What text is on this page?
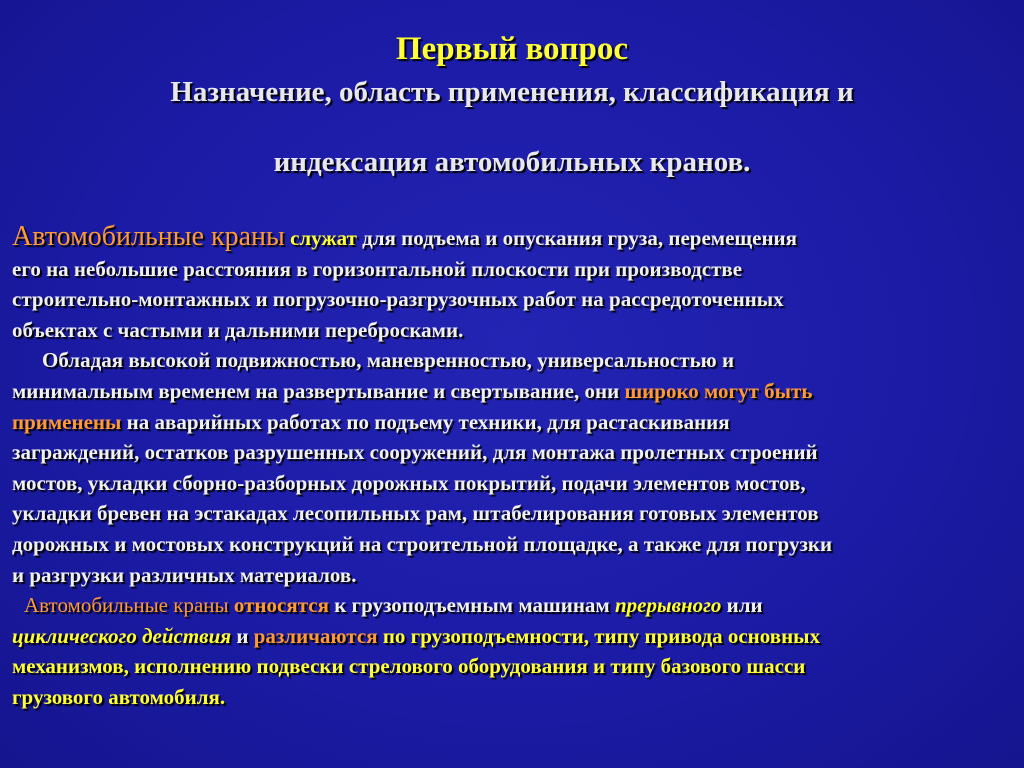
Первый вопрос
Назначение, область применения, классификация и
индексация автомобильных кранов.
Автомобильные краны служат для подъема и опускания груза, перемещения
его на небольшие расстояния в горизонтальной плоскости при производстве
строительно-монтажных и погрузочно-разгрузочных работ на рассредоточенных
объектах с частыми и дальними перебросками.
Обладая высокой подвижностью, маневренностью, универсальностью и
минимальным временем на развертывание и свертывание, они широко могут быть
применены на аварийных работах по подъему техники, для растаскивания
заграждений, остатков разрушенных сооружений, для монтажа пролетных строений
мостов, укладки сборно-разборных дорожных покрытий, подачи элементов мостов,
укладки бревен на эстакадах лесопильных рам, штабелирования готовых элементов
дорожных и мостовых конструкций на строительной площадке, а также для погрузки
и разгрузки различных материалов.
Автомобильные краны относятся к грузоподъемным машинам прерывного или
циклического действия и различаются по грузоподъемности, типу привода основных
механизмов, исполнению подвески стрелового оборудования и типу базового шасси
грузового автомобиля.
